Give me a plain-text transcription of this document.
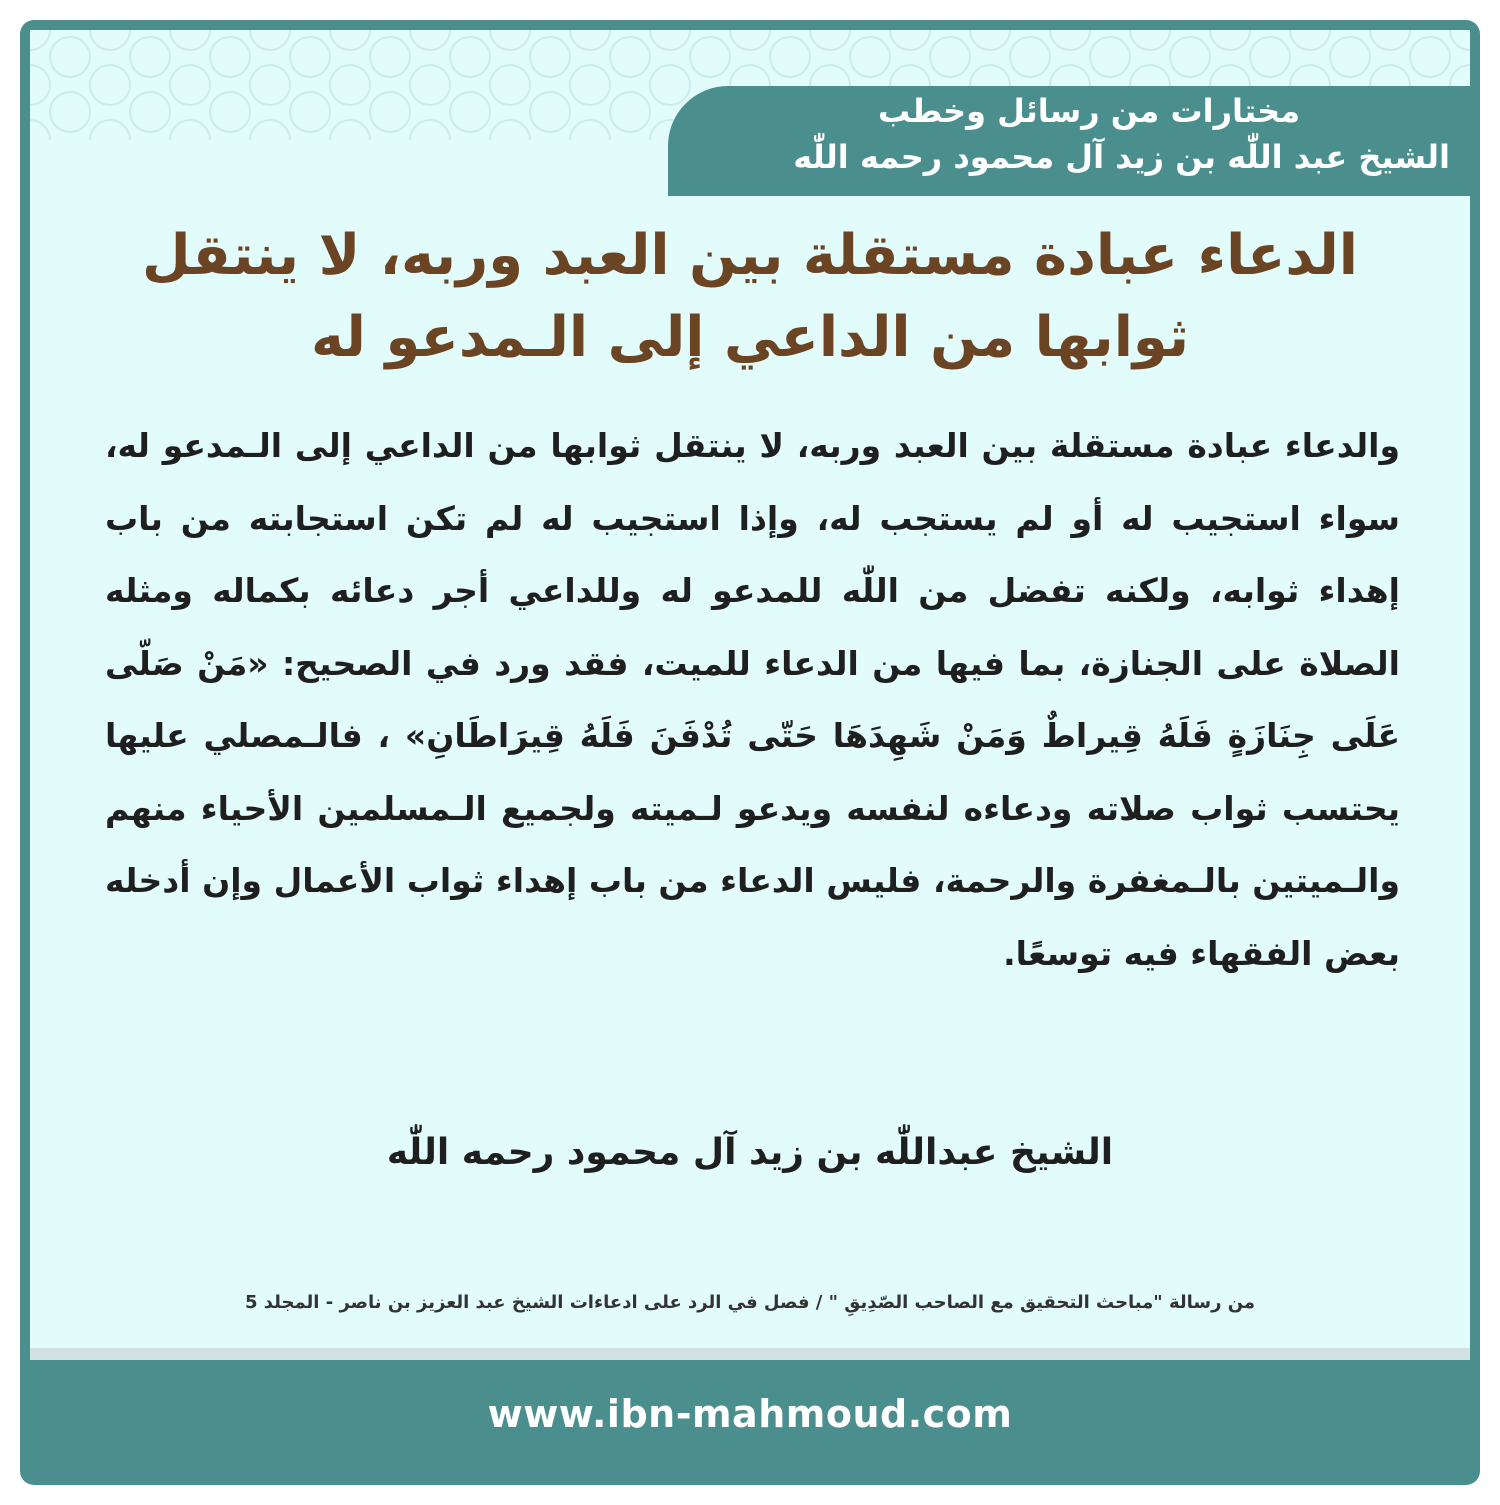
مختارات من رسائل وخطب
الشيخ عبد اللّٰه بن زيد آل محمود رحمه اللّٰه
الدعاء عبادة مستقلة بين العبد وربه، لا ينتقل ثوابها من الداعي إلى الـمدعو له
والدعاء عبادة مستقلة بين العبد وربه، لا ينتقل ثوابها من الداعي إلى الـمدعو له، سواء استجيب له أو لم يستجب له، وإذا استجيب له لم تكن استجابته من باب إهداء ثوابه، ولكنه تفضل من اللّٰه للمدعو له وللداعي أجر دعائه بكماله ومثله الصلاة على الجنازة، بما فيها من الدعاء للميت، فقد ورد في الصحيح: «مَنْ صَلّى عَلَى جِنَازَةٍ فَلَهُ قِيراطٌ وَمَنْ شَهِدَهَا حَتّى تُدْفَنَ فَلَهُ قِيرَاطَانِ» ، فالـمصلي عليها يحتسب ثواب صلاته ودعاءه لنفسه ويدعو لـميته ولجميع الـمسلمين الأحياء منهم والـميتين بالـمغفرة والرحمة، فليس الدعاء من باب إهداء ثواب الأعمال وإن أدخله بعض الفقهاء فيه توسعًا.
الشيخ عبداللّٰه بن زيد آل محمود رحمه اللّٰه
من رسالة "مباحث التحقيق مع الصاحب الصّدِيقِ " / فصل في الرد على ادعاءات الشيخ عبد العزيز بن ناصر - المجلد 5
www.ibn-mahmoud.com
